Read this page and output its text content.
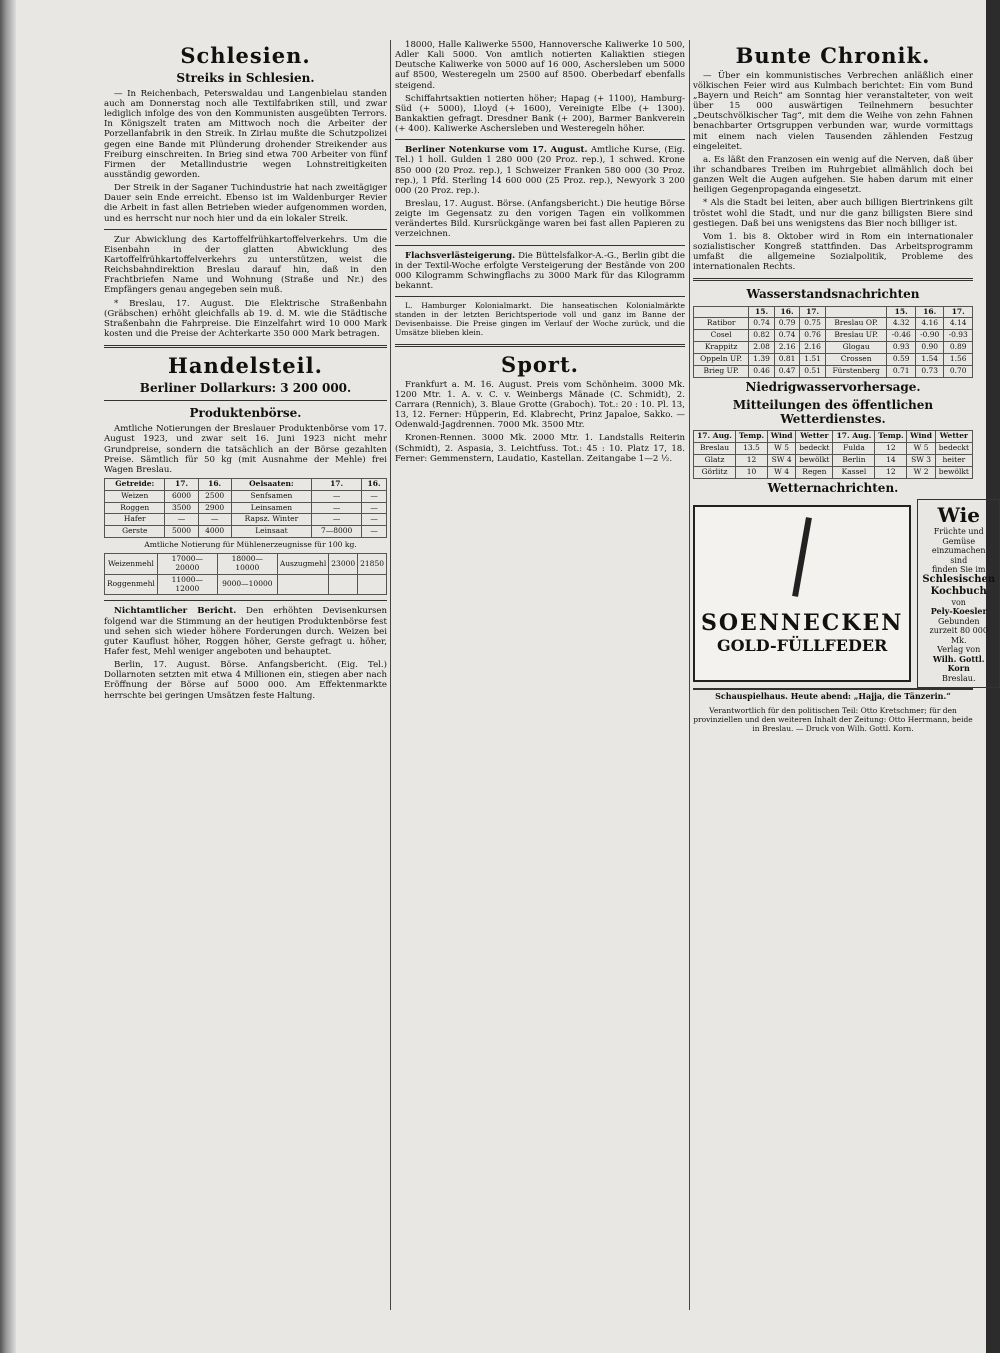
Schlesien.
Streiks in Schlesien.

— In Reichenbach, Peterswaldau und Langenbielau standen auch am Donnerstag noch alle Textilfabriken still, und zwar lediglich infolge des von den Kommunisten ausgeübten Terrors. In Königszelt traten am Mittwoch noch die Arbeiter der Porzellanfabrik in den Streik. In Zirlau mußte die Schutzpolizei gegen eine Bande mit Plünderung drohender Streikender aus Freiburg einschreiten. In Brieg sind etwa 700 Arbeiter von fünf Firmen der Metallindustrie wegen Lohnstreitigkeiten ausständig geworden.

Der Streik in der Saganer Tuchindustrie hat nach zweitägiger Dauer sein Ende erreicht. Ebenso ist im Waldenburger Revier die Arbeit in fast allen Betrieben wieder aufgenommen worden, und es herrscht nur noch hier und da ein lokaler Streik.

Zur Abwicklung des Kartoffelfrühkartoffelverkehrs. Um die Eisenbahn in der glatten Abwicklung des Kartoffelfrühkartoffelverkehrs zu unterstützen, weist die Reichsbahndirektion Breslau darauf hin, daß in den Frachtbriefen Name und Wohnung (Straße und Nr.) des Empfängers genau angegeben sein muß.

* Breslau, 17. August. Die Elektrische Straßenbahn (Gräbschen) erhöht gleichfalls ab 19. d. M. wie die Städtische Straßenbahn die Fahrpreise. Die Einzelfahrt wird 10 000 Mark kosten und die Preise der Achterkarte 350 000 Mark betragen.

Handelsteil.
Berliner Dollarkurs: 3 200 000.
Produktenbörse.

Amtliche Notierungen der Breslauer Produktenbörse vom 17. August 1923, und zwar seit 16. Juni 1923 nicht mehr Grundpreise, sondern die tatsächlich an der Börse gezahlten Preise. Sämtlich für 50 kg (mit Ausnahme der Mehle) frei Wagen Breslau.

Getreide:	17.	16.	Oelsaaten:	17.	16.
Weizen	6000	2500	Senfsamen	—	—
Roggen	3500	2900	Leinsamen	—	—
Hafer	—	—	Rapsz. Winter	—	—
Gerste	5000	4000	Leinsaat	7—8000	—

Amtliche Notierung für Mühlenerzeugnisse für 100 kg.

Weizenmehl	17000—20000	18000—10000	Auszugmehl	23000	21850
Roggenmehl	11000—12000	9000—10000			

Nichtamtlicher Bericht. Den erhöhten Devisenkursen folgend war die Stimmung an der heutigen Produktenbörse fest und sehen sich wieder höhere Forderungen durch. Weizen bei guter Kauflust höher, Roggen höher, Gerste gefragt u. höher, Hafer fest, Mehl weniger angeboten und behauptet.

Berlin, 17. August. Börse. Anfangsbericht. (Eig. Tel.) Dollarnoten setzten mit etwa 4 Millionen ein, stiegen aber nach Eröffnung der Börse auf 5000 000. Am Effektenmarkte herrschte bei geringen Umsätzen feste Haltung.

18000, Halle Kaliwerke 5500, Hannoversche Kaliwerke 10 500, Adler Kali 5000. Von amtlich notierten Kaliaktien stiegen Deutsche Kaliwerke von 5000 auf 16 000, Aschersleben um 5000 auf 8500, Westeregeln um 2500 auf 8500. Oberbedarf ebenfalls steigend.

Schiffahrtsaktien notierten höher; Hapag (+ 1100), Hamburg-Süd (+ 5000), Lloyd (+ 1600), Vereinigte Elbe (+ 1300). Bankaktien gefragt. Dresdner Bank (+ 200), Barmer Bankverein (+ 400). Kaliwerke Aschersleben und Westeregeln höher.

Berliner Notenkurse vom 17. August. Amtliche Kurse, (Eig. Tel.) 1 holl. Gulden 1 280 000 (20 Proz. rep.), 1 schwed. Krone 850 000 (20 Proz. rep.), 1 Schweizer Franken 580 000 (30 Proz. rep.), 1 Pfd. Sterling 14 600 000 (25 Proz. rep.), Newyork 3 200 000 (20 Proz. rep.).

Breslau, 17. August. Börse. (Anfangsbericht.) Die heutige Börse zeigte im Gegensatz zu den vorigen Tagen ein vollkommen verändertes Bild. Kursrückgänge waren bei fast allen Papieren zu verzeichnen.

Flachsverlästeigerung. Die Büttelsfalkor-A.-G., Berlin gibt die in der Textil-Woche erfolgte Versteigerung der Bestände von 200 000 Kilogramm Schwingflachs zu 3000 Mark für das Kilogramm bekannt.

L. Hamburger Kolonialmarkt. Die hanseatischen Kolonialmärkte standen in der letzten Berichtsperiode voll und ganz im Banne der Devisenbaisse. Die Preise gingen im Verlauf der Woche zurück, und die Umsätze blieben klein.

Sport.

Frankfurt a. M. 16. August. Preis vom Schönheim. 3000 Mk. 1200 Mtr. 1. A. v. C. v. Weinbergs Mänade (C. Schmidt), 2. Carrara (Rennich), 3. Blaue Grotte (Graboch). Tot.: 20 : 10. Pl. 13, 13, 12. Ferner: Hüpperin, Ed. Klabrecht, Prinz Japaloe, Sakko. — Odenwald-Jagdrennen. 7000 Mk. 3500 Mtr.

Kronen-Rennen. 3000 Mk. 2000 Mtr. 1. Landstalls Reiterin (Schmidt), 2. Aspasia, 3. Leichtfuss. Tot.: 45 : 10. Platz 17, 18. Ferner: Gemmenstern, Laudatio, Kastellan. Zeitangabe 1—2 ½.

Bunte Chronik.

— Über ein kommunistisches Verbrechen anläßlich einer völkischen Feier wird aus Kulmbach berichtet: Ein vom Bund „Bayern und Reich“ am Sonntag hier veranstalteter, von weit über 15 000 auswärtigen Teilnehmern besuchter „Deutschvölkischer Tag“, mit dem die Weihe von zehn Fahnen benachbarter Ortsgruppen verbunden war, wurde vormittags mit einem nach vielen Tausenden zählenden Festzug eingeleitet.

a. Es läßt den Franzosen ein wenig auf die Nerven, daß über ihr schandbares Treiben im Ruhrgebiet allmählich doch bei ganzen Welt die Augen aufgehen. Sie haben darum mit einer heiligen Gegenpropaganda eingesetzt.

* Als die Stadt bei leiten, aber auch billigen Biertrinkens gilt tröstet wohl die Stadt, und nur die ganz billigsten Biere sind gestiegen. Daß bei uns wenigstens das Bier noch billiger ist.

Vom 1. bis 8. Oktober wird in Rom ein internationaler sozialistischer Kongreß stattfinden. Das Arbeitsprogramm umfaßt die allgemeine Sozialpolitik, Probleme des internationalen Rechts.

Wasserstandsnachrichten
	15.	16.	17.		15.	16.	17.
Ratibor	0.74	0.79	0.75	Breslau OP.	4.32	4.16	4.14
Cosel	0.82	0.74	0.76	Breslau UP.	-0.46	-0.90	-0.93
Krappitz	2.08	2.16	2.16	Glogau	0.93	0.90	0.89
Oppeln UP.	1.39	0.81	1.51	Crossen	0.59	1.54	1.56
Brieg UP.	0.46	0.47	0.51	Fürstenberg	0.71	0.73	0.70
Niedrigwasservorhersage.
Mitteilungen des öffentlichen Wetterdienstes.
17. Aug.	Temp.	Wind	Wetter	17. Aug.	Temp.	Wind	Wetter
Breslau	13.5	W 5	bedeckt	Fulda	12	W 5	bedeckt
Glatz	12	SW 4	bewölkt	Berlin	14	SW 3	heiter
Görlitz	10	W 4	Regen	Kassel	12	W 2	bewölkt
Wetternachrichten.
SOENNECKEN
GOLD-FÜLLFEDER
Wie
Früchte und Gemüse einzumachen sind
finden Sie im
Schlesischen Kochbuch
von
Pely-Koesler
Gebunden
zurzeit 80 000 Mk.
Verlag von
Wilh. Gottl. Korn
Breslau.
Schauspielhaus. Heute abend: „Hajja, die Tänzerin.“
Verantwortlich für den politischen Teil: Otto Kretschmer; für den provinziellen und den weiteren Inhalt der Zeitung: Otto Herrmann, beide in Breslau. — Druck von Wilh. Gottl. Korn.
